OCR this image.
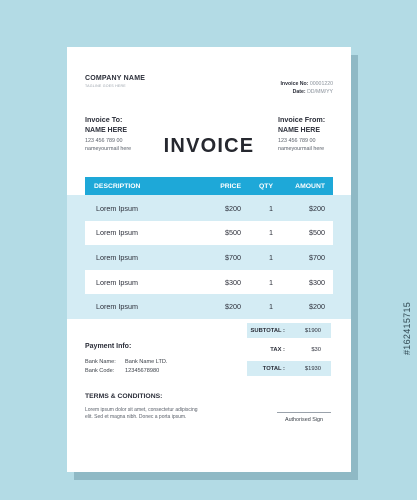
COMPANY NAME
TAGLINE GOES HERE	Invoice No: 00001220
Date: DD/MM/YY
Invoice To:
NAME HERE
123 456 789 00
nameyourmail here	INVOICE
Invoice From:
NAME HERE
123 456 789 00
nameyourmail here
DESCRIPTION	PRICE	QTY	AMOUNT
Lorem Ipsum	$200	1	$200
Lorem Ipsum	$500	1	$500
Lorem Ipsum	$700	1	$700
Lorem Ipsum	$300	1	$300
Lorem Ipsum	$200	1	$200
SUBTOTAL :	$1900
TAX :	$30
TOTAL :	$1930
Payment Info:
Bank Name:	Bank Name LTD.
Bank Code:	12345678980
TERMS & CONDITIONS:
Lorem ipsum dolor sit amet, consectetur adipiscing elit. Sed et magna nibh. Donec a porta ipsum.	Authorised Sign
#162415715
